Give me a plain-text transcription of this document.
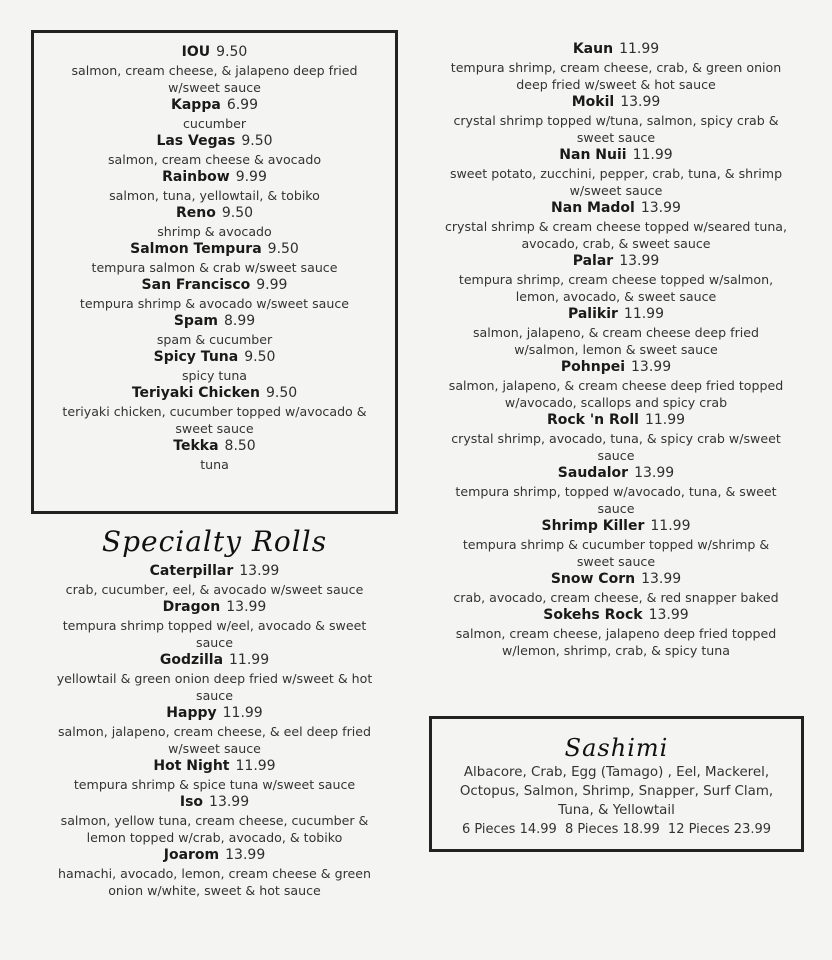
IOU 9.50
salmon, cream cheese, & jalapeno deep fried
w/sweet sauce
Kappa 6.99
cucumber
Las Vegas 9.50
salmon, cream cheese & avocado
Rainbow 9.99
salmon, tuna, yellowtail, & tobiko
Reno 9.50
shrimp & avocado
Salmon Tempura 9.50
tempura salmon & crab w/sweet sauce
San Francisco 9.99
tempura shrimp & avocado w/sweet sauce
Spam 8.99
spam & cucumber
Spicy Tuna 9.50
spicy tuna
Teriyaki Chicken 9.50
teriyaki chicken, cucumber topped w/avocado &
sweet sauce
Tekka 8.50
tuna
Specialty Rolls
Caterpillar 13.99
crab, cucumber, eel, & avocado w/sweet sauce
Dragon 13.99
tempura shrimp topped w/eel, avocado & sweet
sauce
Godzilla 11.99
yellowtail & green onion deep fried w/sweet & hot
sauce
Happy 11.99
salmon, jalapeno, cream cheese, & eel deep fried
w/sweet sauce
Hot Night 11.99
tempura shrimp & spice tuna w/sweet sauce
Iso 13.99
salmon, yellow tuna, cream cheese, cucumber &
lemon topped w/crab, avocado, & tobiko
Joarom 13.99
hamachi, avocado, lemon, cream cheese & green
onion w/white, sweet & hot sauce
Kaun 11.99
tempura shrimp, cream cheese, crab, & green onion
deep fried w/sweet & hot sauce
Mokil 13.99
crystal shrimp topped w/tuna, salmon, spicy crab &
sweet sauce
Nan Nuii 11.99
sweet potato, zucchini, pepper, crab, tuna, & shrimp
w/sweet sauce
Nan Madol 13.99
crystal shrimp & cream cheese topped w/seared tuna,
avocado, crab, & sweet sauce
Palar 13.99
tempura shrimp, cream cheese topped w/salmon,
lemon, avocado, & sweet sauce
Palikir 11.99
salmon, jalapeno, & cream cheese deep fried
w/salmon, lemon & sweet sauce
Pohnpei 13.99
salmon, jalapeno, & cream cheese deep fried topped
w/avocado, scallops and spicy crab
Rock 'n Roll 11.99
crystal shrimp, avocado, tuna, & spicy crab w/sweet
sauce
Saudalor 13.99
tempura shrimp, topped w/avocado, tuna, & sweet
sauce
Shrimp Killer 11.99
tempura shrimp & cucumber topped w/shrimp &
sweet sauce
Snow Corn 13.99
crab, avocado, cream cheese, & red snapper baked
Sokehs Rock 13.99
salmon, cream cheese, jalapeno deep fried topped
w/lemon, shrimp, crab, & spicy tuna
Sashimi
Albacore, Crab, Egg (Tamago) , Eel, Mackerel,
Octopus, Salmon, Shrimp, Snapper, Surf Clam,
Tuna, & Yellowtail
6 Pieces 14.99 8 Pieces 18.99 12 Pieces 23.99
